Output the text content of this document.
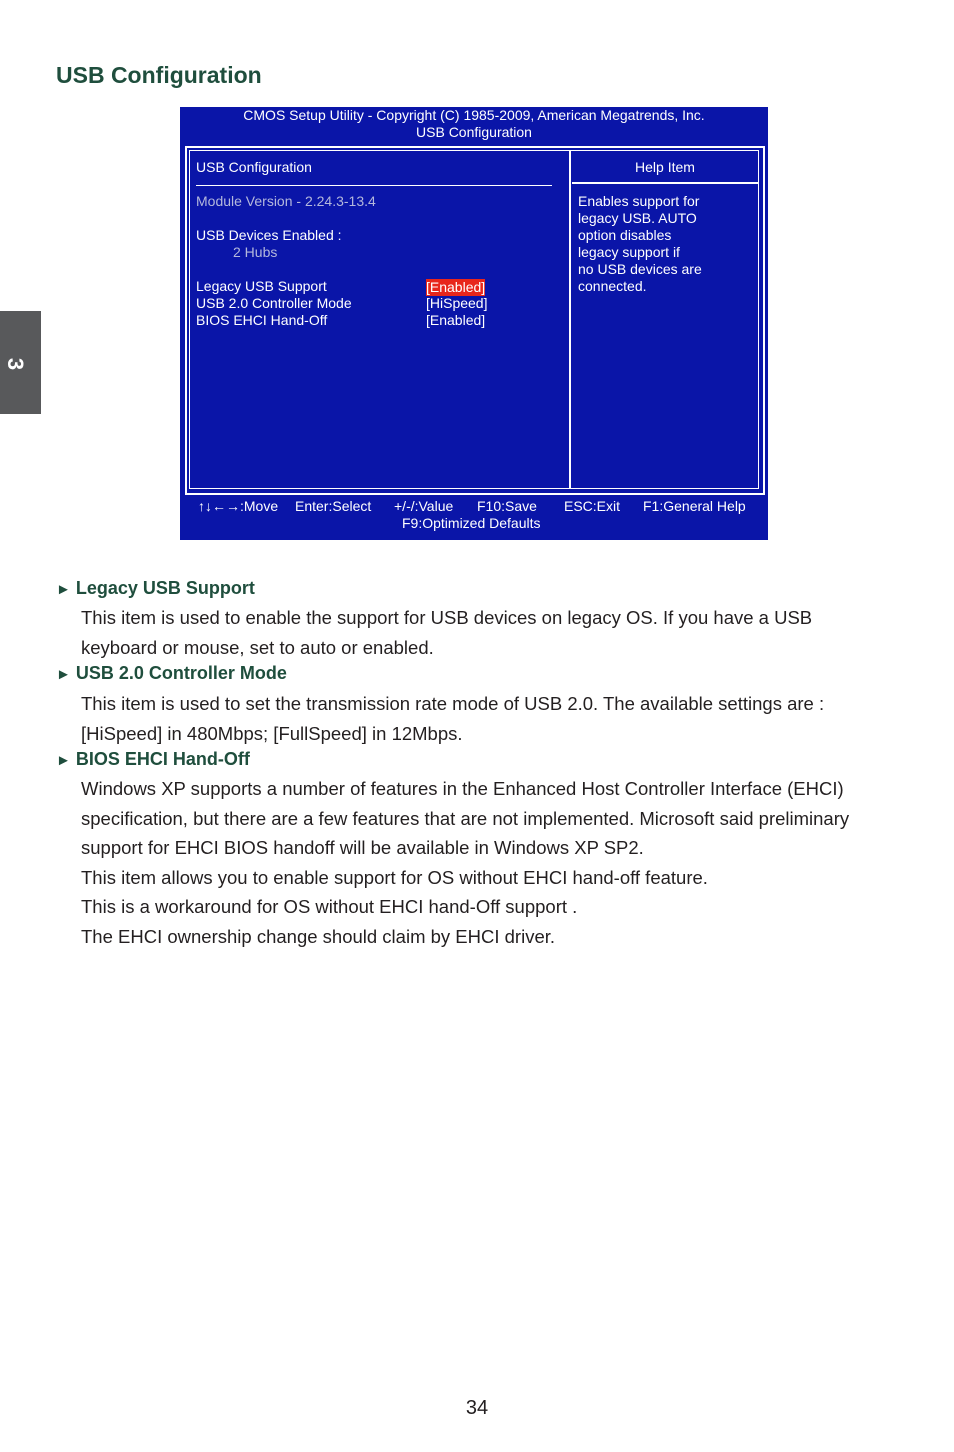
USB Configuration
3
CMOS Setup Utility - Copyright (C) 1985-2009, American Megatrends, Inc.
USB Configuration
USB Configuration
Module Version - 2.24.3-13.4
USB Devices Enabled :
2 Hubs
Legacy USB Support	[Enabled]
USB 2.0 Controller Mode	[HiSpeed]
BIOS EHCI Hand-Off	[Enabled]
Help Item
Enables support for
legacy USB. AUTO
option disables
legacy support if
no USB devices are
connected.
↑↓←→:Move Enter:Select +/-/:Value F10:Save ESC:Exit F1:General Help
F9:Optimized Defaults
► Legacy USB Support
This item is used to enable the support for USB devices on legacy OS. If you have a USB
keyboard or mouse, set to auto or enabled.
► USB 2.0 Controller Mode
This item is used to set the transmission rate mode of USB 2.0. The available settings are :
[HiSpeed] in 480Mbps; [FullSpeed] in 12Mbps.
► BIOS EHCI Hand-Off
Windows XP supports a number of features in the Enhanced Host Controller Interface (EHCI)
specification, but there are a few features that are not implemented. Microsoft said preliminary
support for EHCI BIOS handoff will be available in Windows XP SP2.
This item allows you to enable support for OS without EHCI hand-off feature.
This is a workaround for OS without EHCI hand-Off support .
The EHCI ownership change should claim by EHCI driver.
34
